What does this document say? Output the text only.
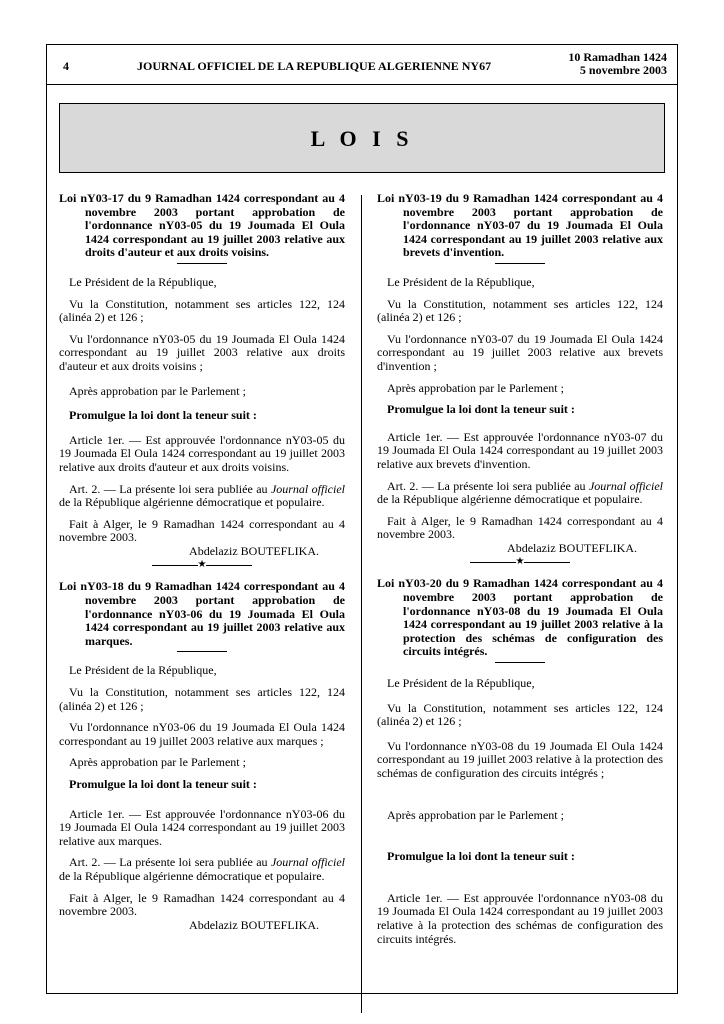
4	JOURNAL OFFICIEL DE LA REPUBLIQUE ALGERIENNE NY67
10 Ramadhan 1424
5 novembre 2003
L O I S
Loi nY03-17 du 9 Ramadhan 1424 correspondant au 4 novembre 2003 portant approbation de l'ordonnance nY03-05 du 19 Joumada El Oula 1424 correspondant au 19 juillet 2003 relative aux droits d'auteur et aux droits voisins.

Le Président de la République,

Vu la Constitution, notamment ses articles 122, 124 (alinéa 2) et 126 ;

Vu l'ordonnance nY03-05 du 19 Joumada El Oula 1424 correspondant au 19 juillet 2003 relative aux droits d'auteur et aux droits voisins ;

Après approbation par le Parlement ;

Promulgue la loi dont la teneur suit :

Article 1er. — Est approuvée l'ordonnance nY03-05 du 19 Joumada El Oula 1424 correspondant au 19 juillet 2003 relative aux droits d'auteur et aux droits voisins.

Art. 2. — La présente loi sera publiée au Journal officiel de la République algérienne démocratique et populaire.

Fait à Alger, le 9 Ramadhan 1424 correspondant au 4 novembre 2003.

Abdelaziz BOUTEFLIKA.

★
Loi nY03-18 du 9 Ramadhan 1424 correspondant au 4 novembre 2003 portant approbation de l'ordonnance nY03-06 du 19 Joumada El Oula 1424 correspondant au 19 juillet 2003 relative aux marques.

Le Président de la République,

Vu la Constitution, notamment ses articles 122, 124 (alinéa 2) et 126 ;

Vu l'ordonnance nY03-06 du 19 Joumada El Oula 1424 correspondant au 19 juillet 2003 relative aux marques ;

Après approbation par le Parlement ;

Promulgue la loi dont la teneur suit :

Article 1er. — Est approuvée l'ordonnance nY03-06 du 19 Joumada El Oula 1424 correspondant au 19 juillet 2003 relative aux marques.

Art. 2. — La présente loi sera publiée au Journal officiel de la République algérienne démocratique et populaire.

Fait à Alger, le 9 Ramadhan 1424 correspondant au 4 novembre 2003.

Abdelaziz BOUTEFLIKA.

Loi nY03-19 du 9 Ramadhan 1424 correspondant au 4 novembre 2003 portant approbation de l'ordonnance nY03-07 du 19 Joumada El Oula 1424 correspondant au 19 juillet 2003 relative aux brevets d'invention.

Le Président de la République,

Vu la Constitution, notamment ses articles 122, 124 (alinéa 2) et 126 ;

Vu l'ordonnance nY03-07 du 19 Joumada El Oula 1424 correspondant au 19 juillet 2003 relative aux brevets d'invention ;

Après approbation par le Parlement ;

Promulgue la loi dont la teneur suit :

Article 1er. — Est approuvée l'ordonnance nY03-07 du 19 Joumada El Oula 1424 correspondant au 19 juillet 2003 relative aux brevets d'invention.

Art. 2. — La présente loi sera publiée au Journal officiel de la République algérienne démocratique et populaire.

Fait à Alger, le 9 Ramadhan 1424 correspondant au 4 novembre 2003.

Abdelaziz BOUTEFLIKA.

★
Loi nY03-20 du 9 Ramadhan 1424 correspondant au 4 novembre 2003 portant approbation de l'ordonnance nY03-08 du 19 Joumada El Oula 1424 correspondant au 19 juillet 2003 relative à la protection des schémas de configuration des circuits intégrés.

Le Président de la République,

Vu la Constitution, notamment ses articles 122, 124 (alinéa 2) et 126 ;

Vu l'ordonnance nY03-08 du 19 Joumada El Oula 1424 correspondant au 19 juillet 2003 relative à la protection des schémas de configuration des circuits intégrés ;

Après approbation par le Parlement ;

Promulgue la loi dont la teneur suit :

Article 1er. — Est approuvée l'ordonnance nY03-08 du 19 Joumada El Oula 1424 correspondant au 19 juillet 2003 relative à la protection des schémas de configuration des circuits intégrés.
